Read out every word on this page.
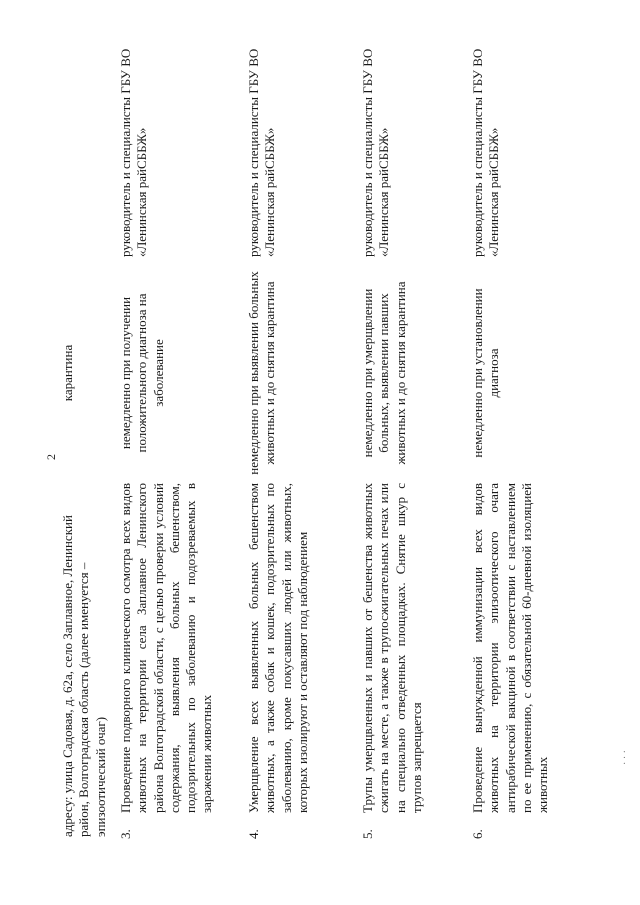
2
адресу: улица Садовая, д. 62а, село Заплавное, Ленинский район, Волгоградская область (далее именуется – эпизоотический очаг)
карантина
3.
Проведение подворного клинического осмотра всех видов животных на территории села Заплавное Ленинского района Волгоградской области, с целью проверки условий содержания, выявления больных бешенством, подозрительных по заболеванию и подозреваемых в заражении животных
немедленно при получении положительного диагноза на заболевание
руководитель и специалисты ГБУ ВО «Ленинская райСББЖ»
4.
Умерщвление всех выявленных больных бешенством животных, а также собак и кошек, подозрительных по заболеванию, кроме покусавших людей или животных, которых изолируют и оставляют под наблюдением
немедленно при выявлении больных животных и до снятия карантина
руководитель и специалисты ГБУ ВО «Ленинская райСББЖ»
5.
Трупы умерщвленных и павших от бешенства животных сжигать на месте, а также в трупосжигательных печах или на специально отведенных площадках. Снятие шкур с трупов запрещается
немедленно при умерщвлении больных, выявлении павших животных и до снятия карантина
руководитель и специалисты ГБУ ВО «Ленинская райСББЖ»
6.
Проведение вынужденной иммунизации всех видов животных на территории эпизоотического очага антирабической вакциной в соответствии с наставлением по ее применению, с обязательной 60-дневной изоляцией животных
немедленно при установлении диагноза
руководитель и специалисты ГБУ ВО «Ленинская райСББЖ»
· · ·
